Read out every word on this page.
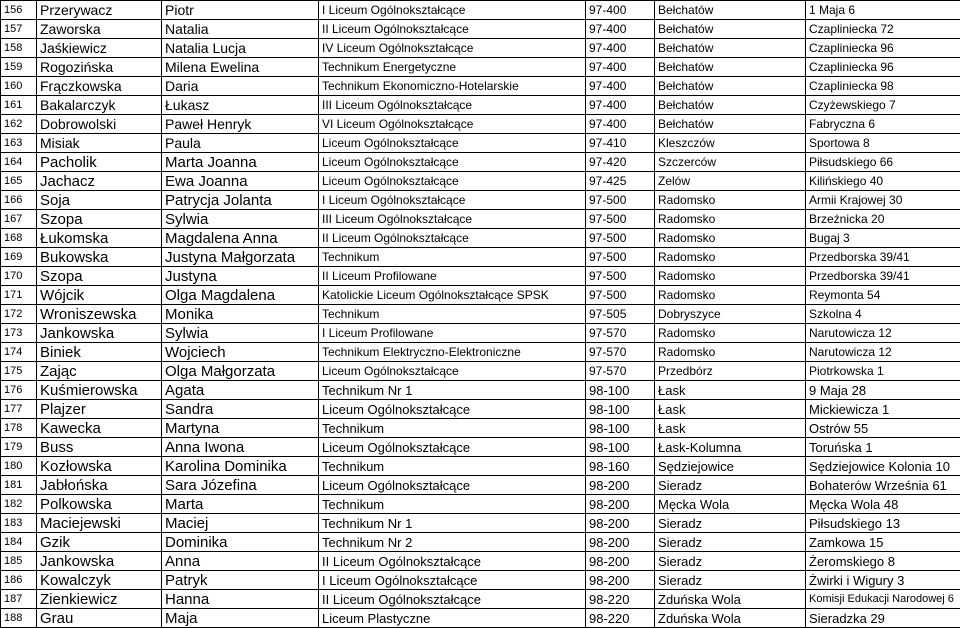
156	Przerywacz	Piotr	I Liceum Ogólnokształcące	97-400	Bełchatów	1 Maja 6
157	Zaworska	Natalia	II Liceum Ogólnokształcące	97-400	Bełchatów	Czapliniecka 72
158	Jaśkiewicz	Natalia Lucja	IV Liceum Ogólnokształcące	97-400	Bełchatów	Czapliniecka 96
159	Rogozińska	Milena Ewelina	Technikum Energetyczne	97-400	Bełchatów	Czapliniecka 96
160	Frączkowska	Daria	Technikum Ekonomiczno-Hotelarskie	97-400	Bełchatów	Czapliniecka 98
161	Bakalarczyk	Łukasz	III Liceum Ogólnokształcące	97-400	Bełchatów	Czyżewskiego 7
162	Dobrowolski	Paweł Henryk	VI Liceum Ogólnokształcące	97-400	Bełchatów	Fabryczna 6
163	Misiak	Paula	Liceum Ogólnokształcące	97-410	Kleszczów	Sportowa 8
164	Pacholik	Marta Joanna	Liceum Ogólnokształcące	97-420	Szczerców	Piłsudskiego 66
165	Jachacz	Ewa Joanna	Liceum Ogólnokształcące	97-425	Zelów	Kilińskiego 40
166	Soja	Patrycja Jolanta	I Liceum Ogólnokształcące	97-500	Radomsko	Armii Krajowej 30
167	Szopa	Sylwia	III Liceum Ogólnokształcące	97-500	Radomsko	Brzeźnicka 20
168	Łukomska	Magdalena Anna	II Liceum Ogólnokształcące	97-500	Radomsko	Bugaj 3
169	Bukowska	Justyna Małgorzata	Technikum	97-500	Radomsko	Przedborska 39/41
170	Szopa	Justyna	II Liceum Profilowane	97-500	Radomsko	Przedborska 39/41
171	Wójcik	Olga Magdalena	Katolickie Liceum Ogólnokształcące SPSK	97-500	Radomsko	Reymonta 54
172	Wroniszewska	Monika	Technikum	97-505	Dobryszyce	Szkolna 4
173	Jankowska	Sylwia	I Liceum Profilowane	97-570	Radomsko	Narutowicza 12
174	Biniek	Wojciech	Technikum Elektryczno-Elektroniczne	97-570	Radomsko	Narutowicza 12
175	Zając	Olga Małgorzata	Liceum Ogólnokształcące	97-570	Przedbórz	Piotrkowska 1
176	Kuśmierowska	Agata	Technikum Nr 1	98-100	Łask	9 Maja 28
177	Plajzer	Sandra	Liceum Ogólnokształcące	98-100	Łask	Mickiewicza 1
178	Kawecka	Martyna	Technikum	98-100	Łask	Ostrów 55
179	Buss	Anna Iwona	Liceum Ogólnokształcące	98-100	Łask-Kolumna	Toruńska 1
180	Kozłowska	Karolina Dominika	Technikum	98-160	Sędziejowice	Sędziejowice Kolonia 10
181	Jabłońska	Sara Józefina	Liceum Ogólnokształcące	98-200	Sieradz	Bohaterów Września 61
182	Polkowska	Marta	Technikum	98-200	Męcka Wola	Męcka Wola 48
183	Maciejewski	Maciej	Technikum Nr 1	98-200	Sieradz	Piłsudskiego 13
184	Gzik	Dominika	Technikum Nr 2	98-200	Sieradz	Zamkowa 15
185	Jankowska	Anna	II Liceum Ogólnokształcące	98-200	Sieradz	Żeromskiego 8
186	Kowalczyk	Patryk	I Liceum Ogólnokształcące	98-200	Sieradz	Żwirki i Wigury 3
187	Zienkiewicz	Hanna	II Liceum Ogólnokształcące	98-220	Zduńska Wola	Komisji Edukacji Narodowej 6
188	Grau	Maja	Liceum Plastyczne	98-220	Zduńska Wola	Sieradzka 29
